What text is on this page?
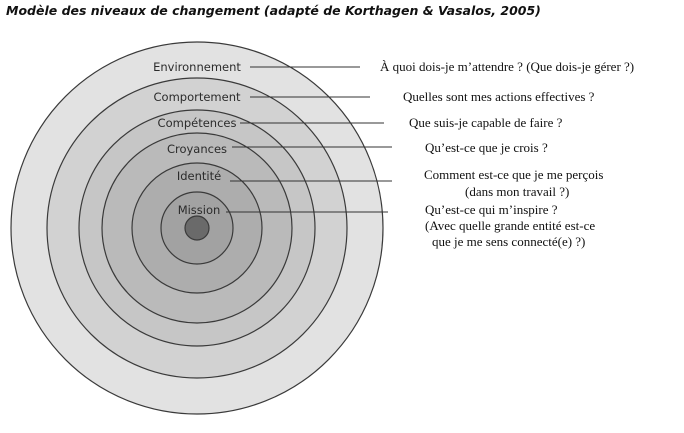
Modèle des niveaux de changement (adapté de Korthagen & Vasalos, 2005)
Environnement
Comportement
Compétences
Croyances
Identité
Mission
À quoi dois-je m’attendre ? (Que dois-je gérer ?)
Quelles sont mes actions effectives ?
Que suis-je capable de faire ?
Qu’est-ce que je crois ?
Comment est-ce que je me perçois
(dans mon travail ?)
Qu’est-ce qui m’inspire ?
(Avec quelle grande entité est-ce
que je me sens connecté(e) ?)
